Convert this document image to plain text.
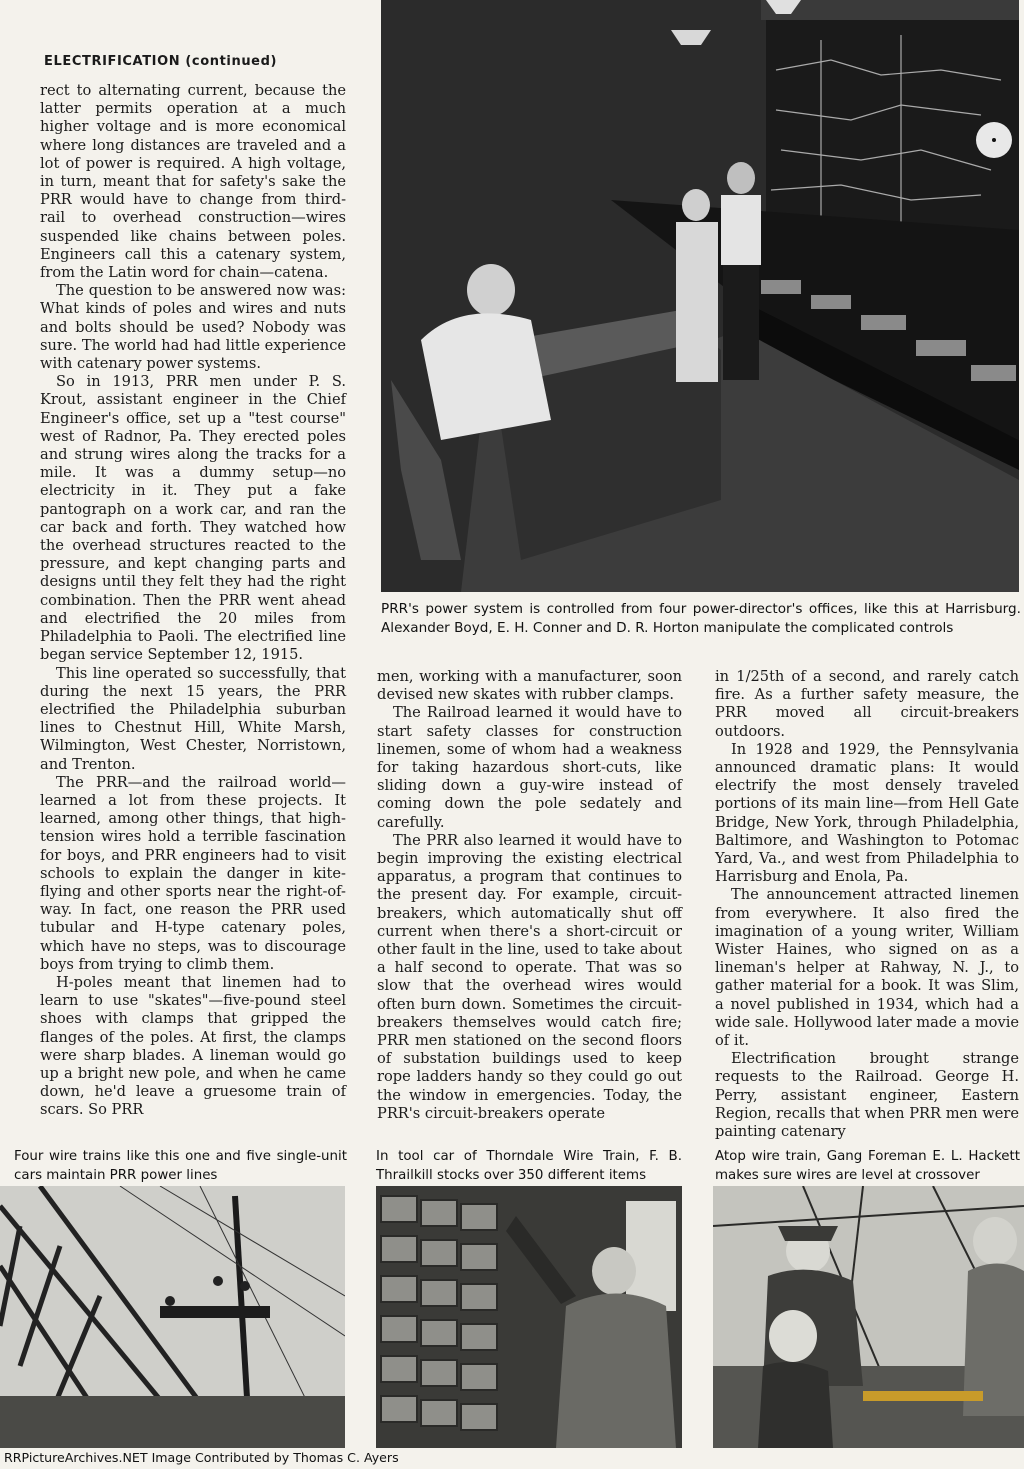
ELECTRIFICATION (continued)

rect to alternating current, because the latter permits operation at a much higher voltage and is more economical where long distances are traveled and a lot of power is required. A high voltage, in turn, meant that for safety's sake the PRR would have to change from third-rail to overhead construction—wires suspended like chains between poles. Engineers call this a catenary system, from the Latin word for chain—catena.

The question to be answered now was: What kinds of poles and wires and nuts and bolts should be used? Nobody was sure. The world had had little experience with catenary power systems.

So in 1913, PRR men under P. S. Krout, assistant engineer in the Chief Engineer's office, set up a "test course" west of Radnor, Pa. They erected poles and strung wires along the tracks for a mile. It was a dummy setup—no electricity in it. They put a fake pantograph on a work car, and ran the car back and forth. They watched how the overhead structures reacted to the pressure, and kept changing parts and designs until they felt they had the right combination. Then the PRR went ahead and electrified the 20 miles from Philadelphia to Paoli. The electrified line began service September 12, 1915.

This line operated so successfully, that during the next 15 years, the PRR electrified the Philadelphia suburban lines to Chestnut Hill, White Marsh, Wilmington, West Chester, Norristown, and Trenton.

The PRR—and the railroad world—learned a lot from these projects. It learned, among other things, that high-tension wires hold a terrible fascination for boys, and PRR engineers had to visit schools to explain the danger in kite-flying and other sports near the right-of-way. In fact, one reason the PRR used tubular and H-type catenary poles, which have no steps, was to discourage boys from trying to climb them.

H-poles meant that linemen had to learn to use "skates"—five-pound steel shoes with clamps that gripped the flanges of the poles. At first, the clamps were sharp blades. A lineman would go up a bright new pole, and when he came down, he'd leave a gruesome train of scars. So PRR

PRR's power system is controlled from four power-director's offices, like this at Harrisburg. Alexander Boyd, E. H. Conner and D. R. Horton manipulate the complicated controls

men, working with a manufacturer, soon devised new skates with rubber clamps.

The Railroad learned it would have to start safety classes for construction linemen, some of whom had a weakness for taking hazardous short-cuts, like sliding down a guy-wire instead of coming down the pole sedately and carefully.

The PRR also learned it would have to begin improving the existing electrical apparatus, a program that continues to the present day. For example, circuit-breakers, which automatically shut off current when there's a short-circuit or other fault in the line, used to take about a half second to operate. That was so slow that the overhead wires would often burn down. Sometimes the circuit-breakers themselves would catch fire; PRR men stationed on the second floors of substation buildings used to keep rope ladders handy so they could go out the window in emergencies. Today, the PRR's circuit-breakers operate

in 1/25th of a second, and rarely catch fire. As a further safety measure, the PRR moved all circuit-breakers outdoors.

In 1928 and 1929, the Pennsylvania announced dramatic plans: It would electrify the most densely traveled portions of its main line—from Hell Gate Bridge, New York, through Philadelphia, Baltimore, and Washington to Potomac Yard, Va., and west from Philadelphia to Harrisburg and Enola, Pa.

The announcement attracted linemen from everywhere. It also fired the imagination of a young writer, William Wister Haines, who signed on as a lineman's helper at Rahway, N. J., to gather material for a book. It was Slim, a novel published in 1934, which had a wide sale. Hollywood later made a movie of it.

Electrification brought strange requests to the Railroad. George H. Perry, assistant engineer, Eastern Region, recalls that when PRR men were painting catenary

Four wire trains like this one and five single-unit cars maintain PRR power lines
In tool car of Thorndale Wire Train, F. B. Thrailkill stocks over 350 different items
Atop wire train, Gang Foreman E. L. Hackett makes sure wires are level at crossover
RRPictureArchives.NET Image Contributed by Thomas C. Ayers
